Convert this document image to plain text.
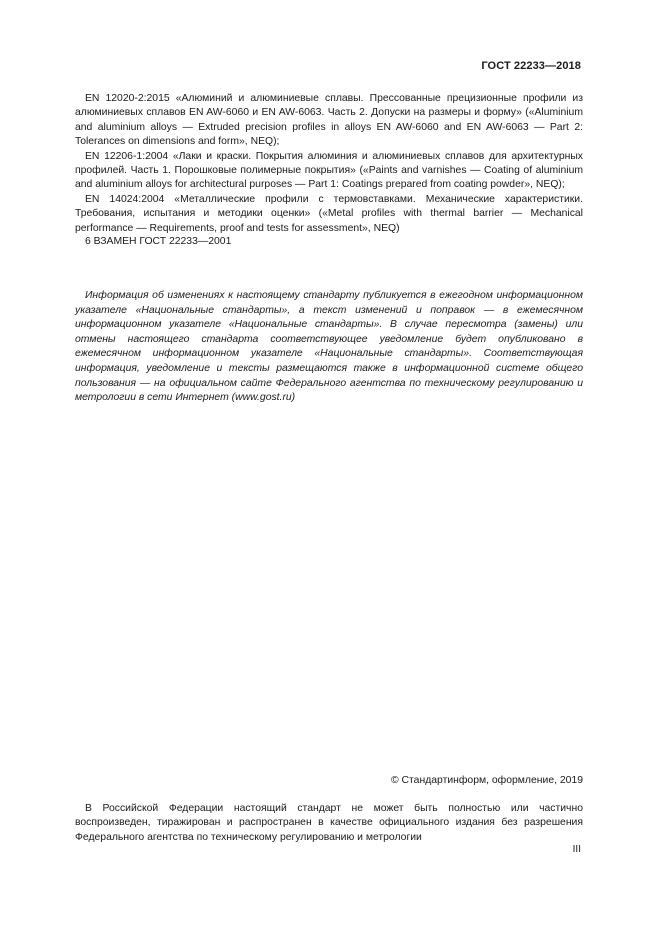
ГОСТ 22233—2018

EN 12020-2:2015 «Алюминий и алюминиевые сплавы. Прессованные прецизионные профили из алюминиевых сплавов EN AW-6060 и EN AW-6063. Часть 2. Допуски на размеры и форму» («Aluminium and aluminium alloys — Extruded precision profiles in alloys EN AW-6060 and EN AW-6063 — Part 2: Tolerances on dimensions and form», NEQ);

EN 12206-1:2004 «Лаки и краски. Покрытия алюминия и алюминиевых сплавов для архитектурных профилей. Часть 1. Порошковые полимерные покрытия» («Paints and varnishes — Coating of aluminium and aluminium alloys for architectural purposes — Part 1: Coatings prepared from coating powder», NEQ);

EN 14024:2004 «Металлические профили с термовставками. Механические характеристики. Требования, испытания и методики оценки» («Metal profiles with thermal barrier — Mechanical performance — Requirements, proof and tests for assessment», NEQ)

6 ВЗАМЕН ГОСТ 22233—2001

Информация об изменениях к настоящему стандарту публикуется в ежегодном информационном указателе «Национальные стандарты», а текст изменений и поправок — в ежемесячном информационном указателе «Национальные стандарты». В случае пересмотра (замены) или отмены настоящего стандарта соответствующее уведомление будет опубликовано в ежемесячном информационном указателе «Национальные стандарты». Соответствующая информация, уведомление и тексты размещаются также в информационной системе общего пользования — на официальном сайте Федерального агентства по техническому регулированию и метрологии в сети Интернет (www.gost.ru)

© Стандартинформ, оформление, 2019

В Российской Федерации настоящий стандарт не может быть полностью или частично воспроизведен, тиражирован и распространен в качестве официального издания без разрешения Федерального агентства по техническому регулированию и метрологии

III
